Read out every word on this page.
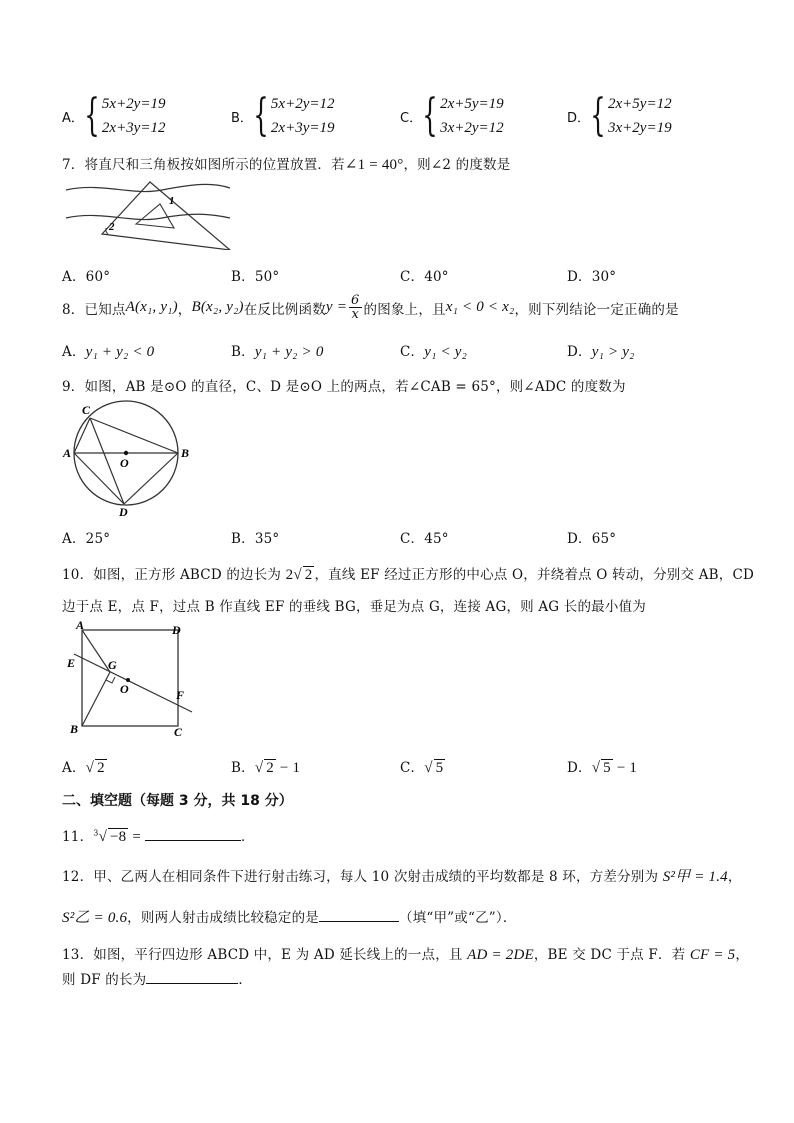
A． { 5x+2y=19
2x+3y=12
B． { 5x+2y=12
2x+3y=19
C． { 2x+5y=19
3x+2y=12
D． { 2x+5y=12
3x+2y=19
7．将直尺和三角板按如图所示的位置放置．若∠1 = 40°，则∠2 的度数是
1
2
A．60°	B．50°	C．40°	D．30°
8．已知点 A(x₁, y₁) ， B(x₂, y₂) 在反比例函数 $y = \frac{6}{x}$ 的图象上，且 x₁ < 0 < x₂ ，则下列结论一定正确的是
A．y₁ + y₂ < 0	B．y₁ + y₂ > 0	C．y₁ < y₂	D．y₁ > y₂
9．如图，AB 是⊙O 的直径，C、D 是⊙O 上的两点，若∠CAB = 65°，则∠ADC 的度数为
C
A	B
O
D
A．25°	B．35°	C．45°	D．65°
10．如图，正方形 ABCD 的边长为 2√ 2 ，直线 EF 经过正方形的中心点 O，并绕着点 O 转动，分别交 AB，CD
边于点 E，点 F，过点 B 作直线 EF 的垂线 BG，垂足为点 G，连接 AG，则 AG 长的最小值为
A	D
E	G
O	F
B	C
A．√ 2	B．√ 2 − 1	C．√ 5	D．√ 5 − 1
二、填空题（每题 3 分，共 18 分）
11．$^3$√ −8 =	．
12．甲、乙两人在相同条件下进行射击练习，每人 10 次射击成绩的平均数都是 8 环，方差分别为 S²甲 = 1.4，
S²乙 = 0.6，则两人射击成绩比较稳定的是	（填“甲”或“乙”）．
13．如图，平行四边形 ABCD 中，E 为 AD 延长线上的一点，且 AD = 2DE，BE 交 DC 于点 F．若 CF = 5，
则 DF 的长为	．
